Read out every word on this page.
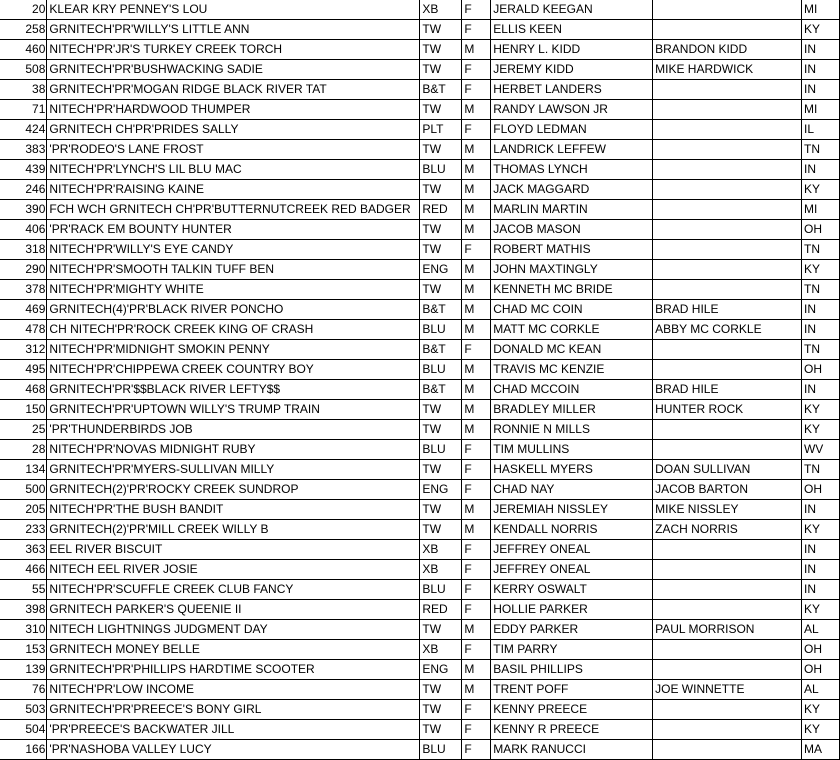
20	KLEAR KRY PENNEY'S LOU	XB	F	JERALD KEEGAN		MI
258	GRNITECH'PR'WILLY'S LITTLE ANN	TW	F	ELLIS KEEN		KY
460	NITECH'PR'JR'S TURKEY CREEK TORCH	TW	M	HENRY L. KIDD	BRANDON KIDD	IN
508	GRNITECH'PR'BUSHWACKING SADIE	TW	F	JEREMY KIDD	MIKE HARDWICK	IN
38	GRNITECH'PR'MOGAN RIDGE BLACK RIVER TAT	B&T	F	HERBET LANDERS		IN
71	NITECH'PR'HARDWOOD THUMPER	TW	M	RANDY LAWSON JR		MI
424	GRNITECH CH'PR'PRIDES SALLY	PLT	F	FLOYD LEDMAN		IL
383	'PR'RODEO'S LANE FROST	TW	M	LANDRICK LEFFEW		TN
439	NITECH'PR'LYNCH'S LIL BLU MAC	BLU	M	THOMAS LYNCH		IN
246	NITECH'PR'RAISING KAINE	TW	M	JACK MAGGARD		KY
390	FCH WCH GRNITECH CH'PR'BUTTERNUTCREEK RED BADGER	RED	M	MARLIN MARTIN		MI
406	'PR'RACK EM BOUNTY HUNTER	TW	M	JACOB MASON		OH
318	NITECH'PR'WILLY'S EYE CANDY	TW	F	ROBERT MATHIS		TN
290	NITECH'PR'SMOOTH TALKIN TUFF BEN	ENG	M	JOHN MAXTINGLY		KY
378	NITECH'PR'MIGHTY WHITE	TW	M	KENNETH MC BRIDE		TN
469	GRNITECH(4)'PR'BLACK RIVER PONCHO	B&T	M	CHAD MC COIN	BRAD HILE	IN
478	CH NITECH'PR'ROCK CREEK KING OF CRASH	BLU	M	MATT MC CORKLE	ABBY MC CORKLE	IN
312	NITECH'PR'MIDNIGHT SMOKIN PENNY	B&T	F	DONALD MC KEAN		TN
495	NITECH'PR'CHIPPEWA CREEK COUNTRY BOY	BLU	M	TRAVIS MC KENZIE		OH
468	GRNITECH'PR'$$BLACK RIVER LEFTY$$	B&T	M	CHAD MCCOIN	BRAD HILE	IN
150	GRNITECH'PR'UPTOWN WILLY'S TRUMP TRAIN	TW	M	BRADLEY MILLER	HUNTER ROCK	KY
25	'PR'THUNDERBIRDS JOB	TW	M	RONNIE N MILLS		KY
28	NITECH'PR'NOVAS MIDNIGHT RUBY	BLU	F	TIM MULLINS		WV
134	GRNITECH'PR'MYERS-SULLIVAN MILLY	TW	F	HASKELL MYERS	DOAN SULLIVAN	TN
500	GRNITECH(2)'PR'ROCKY CREEK SUNDROP	ENG	F	CHAD NAY	JACOB BARTON	OH
205	NITECH'PR'THE BUSH BANDIT	TW	M	JEREMIAH NISSLEY	MIKE NISSLEY	IN
233	GRNITECH(2)'PR'MILL CREEK WILLY B	TW	M	KENDALL NORRIS	ZACH NORRIS	KY
363	EEL RIVER BISCUIT	XB	F	JEFFREY ONEAL		IN
466	NITECH EEL RIVER JOSIE	XB	F	JEFFREY ONEAL		IN
55	NITECH'PR'SCUFFLE CREEK CLUB FANCY	BLU	F	KERRY OSWALT		IN
398	GRNITECH PARKER'S QUEENIE II	RED	F	HOLLIE PARKER		KY
310	NITECH LIGHTNINGS JUDGMENT DAY	TW	M	EDDY PARKER	PAUL MORRISON	AL
153	GRNITECH MONEY BELLE	XB	F	TIM PARRY		OH
139	GRNITECH'PR'PHILLIPS HARDTIME SCOOTER	ENG	M	BASIL PHILLIPS		OH
76	NITECH'PR'LOW INCOME	TW	M	TRENT POFF	JOE WINNETTE	AL
503	GRNITECH'PR'PREECE'S BONY GIRL	TW	F	KENNY PREECE		KY
504	'PR'PREECE'S BACKWATER JILL	TW	F	KENNY R PREECE		KY
166	'PR'NASHOBA VALLEY LUCY	BLU	F	MARK RANUCCI		MA
